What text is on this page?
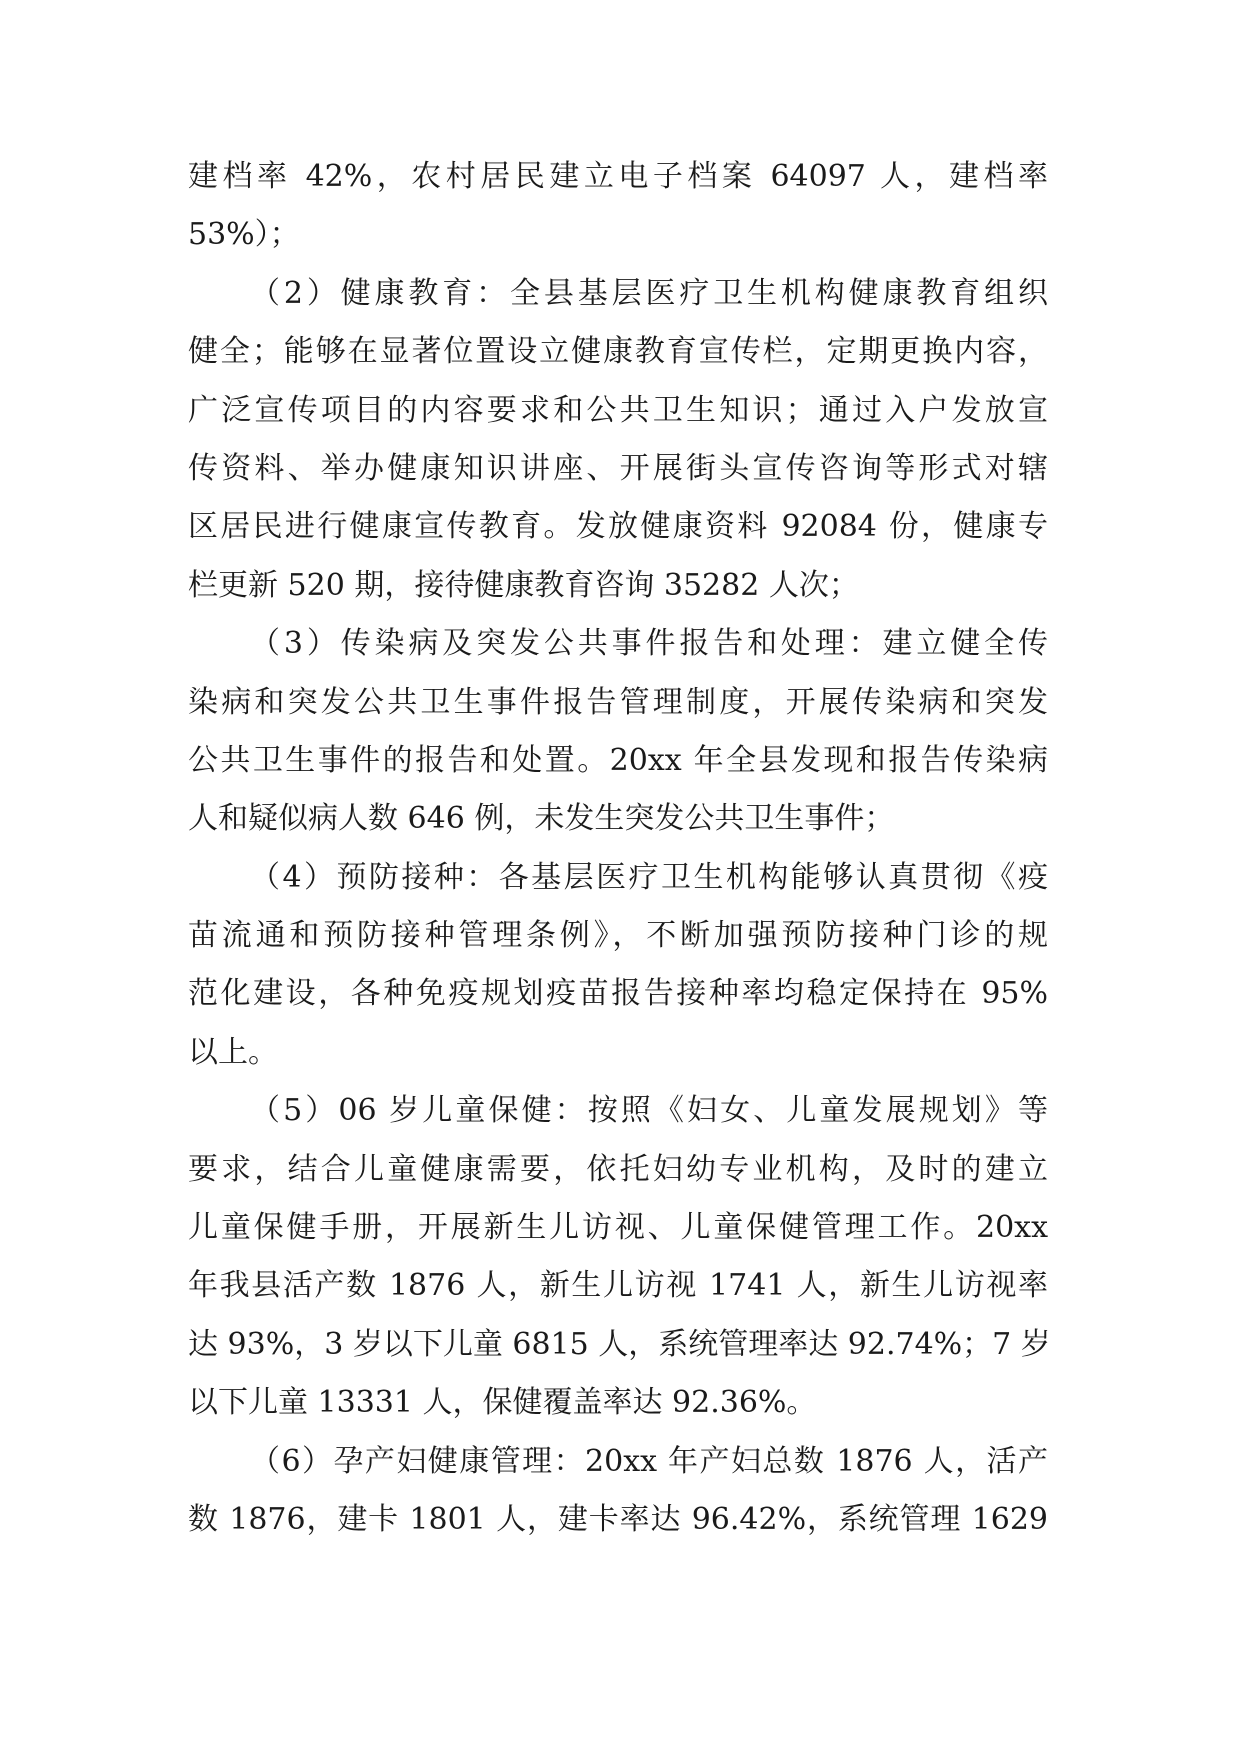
建档率 42%，农村居民建立电子档案 64097 人，建档率
53%）；
（2）健康教育：全县基层医疗卫生机构健康教育组织
健全；能够在显著位置设立健康教育宣传栏，定期更换内容，
广泛宣传项目的内容要求和公共卫生知识；通过入户发放宣
传资料、举办健康知识讲座、开展街头宣传咨询等形式对辖
区居民进行健康宣传教育。发放健康资料 92084 份，健康专
栏更新 520 期，接待健康教育咨询 35282 人次；
（3）传染病及突发公共事件报告和处理：建立健全传
染病和突发公共卫生事件报告管理制度，开展传染病和突发
公共卫生事件的报告和处置。20xx 年全县发现和报告传染病
人和疑似病人数 646 例，未发生突发公共卫生事件；
（4）预防接种：各基层医疗卫生机构能够认真贯彻《疫
苗流通和预防接种管理条例》，不断加强预防接种门诊的规
范化建设，各种免疫规划疫苗报告接种率均稳定保持在 95%
以上。
（5）06 岁儿童保健：按照《妇女、儿童发展规划》等
要求，结合儿童健康需要，依托妇幼专业机构，及时的建立
儿童保健手册，开展新生儿访视、儿童保健管理工作。20xx
年我县活产数 1876 人，新生儿访视 1741 人，新生儿访视率
达 93%，3 岁以下儿童 6815 人，系统管理率达 92.74%；7 岁
以下儿童 13331 人，保健覆盖率达 92.36%。
（6）孕产妇健康管理：20xx 年产妇总数 1876 人，活产
数 1876，建卡 1801 人，建卡率达 96.42%，系统管理 1629
